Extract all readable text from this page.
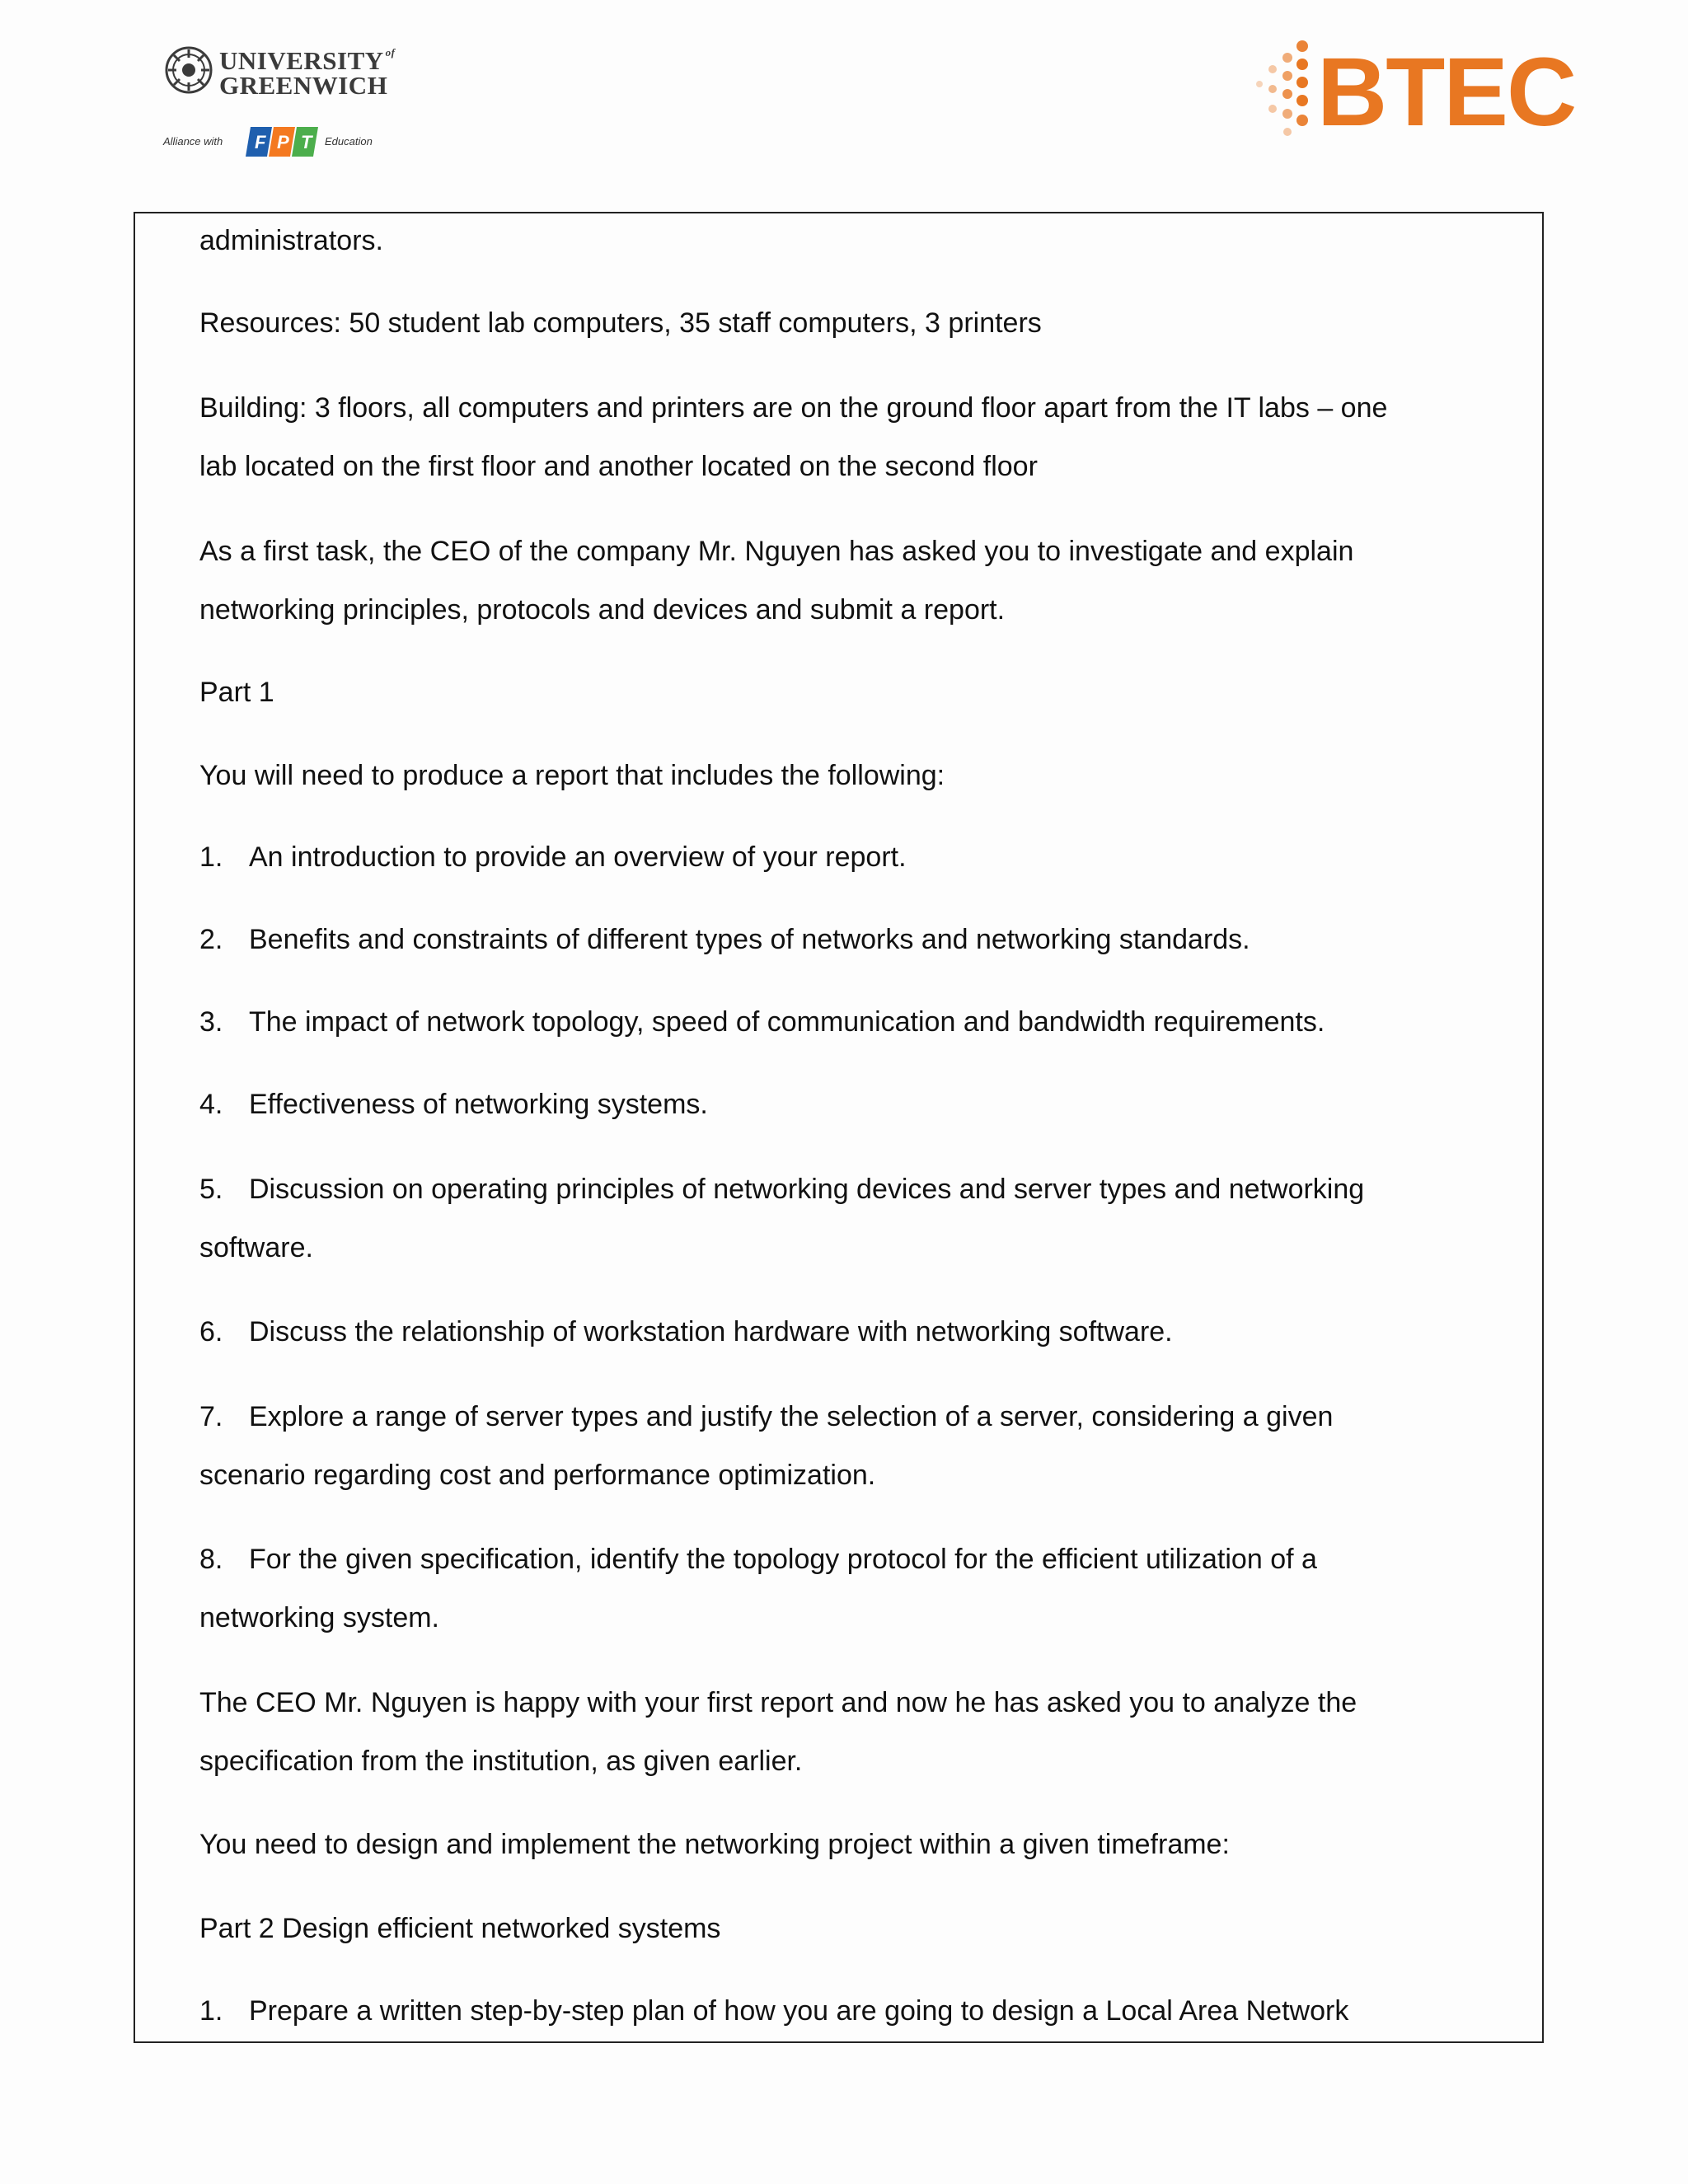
UNIVERSITY $^{of}$
GREENWICH
Alliance with F P T Education	BTEC
administrators.
Resources: 50 student lab computers, 35 staff computers, 3 printers
Building: 3 floors, all computers and printers are on the ground floor apart from the IT labs – one
lab located on the first floor and another located on the second floor
As a first task, the CEO of the company Mr. Nguyen has asked you to investigate and explain
networking principles, protocols and devices and submit a report.
Part 1
You will need to produce a report that includes the following:
1. An introduction to provide an overview of your report.
2. Benefits and constraints of different types of networks and networking standards.
3. The impact of network topology, speed of communication and bandwidth requirements.
4. Effectiveness of networking systems.
5. Discussion on operating principles of networking devices and server types and networking
software.
6. Discuss the relationship of workstation hardware with networking software.
7. Explore a range of server types and justify the selection of a server, considering a given
scenario regarding cost and performance optimization.
8. For the given specification, identify the topology protocol for the efficient utilization of a
networking system.
The CEO Mr. Nguyen is happy with your first report and now he has asked you to analyze the
specification from the institution, as given earlier.
You need to design and implement the networking project within a given timeframe:
Part 2 Design efficient networked systems
1. Prepare a written step-by-step plan of how you are going to design a Local Area Network
